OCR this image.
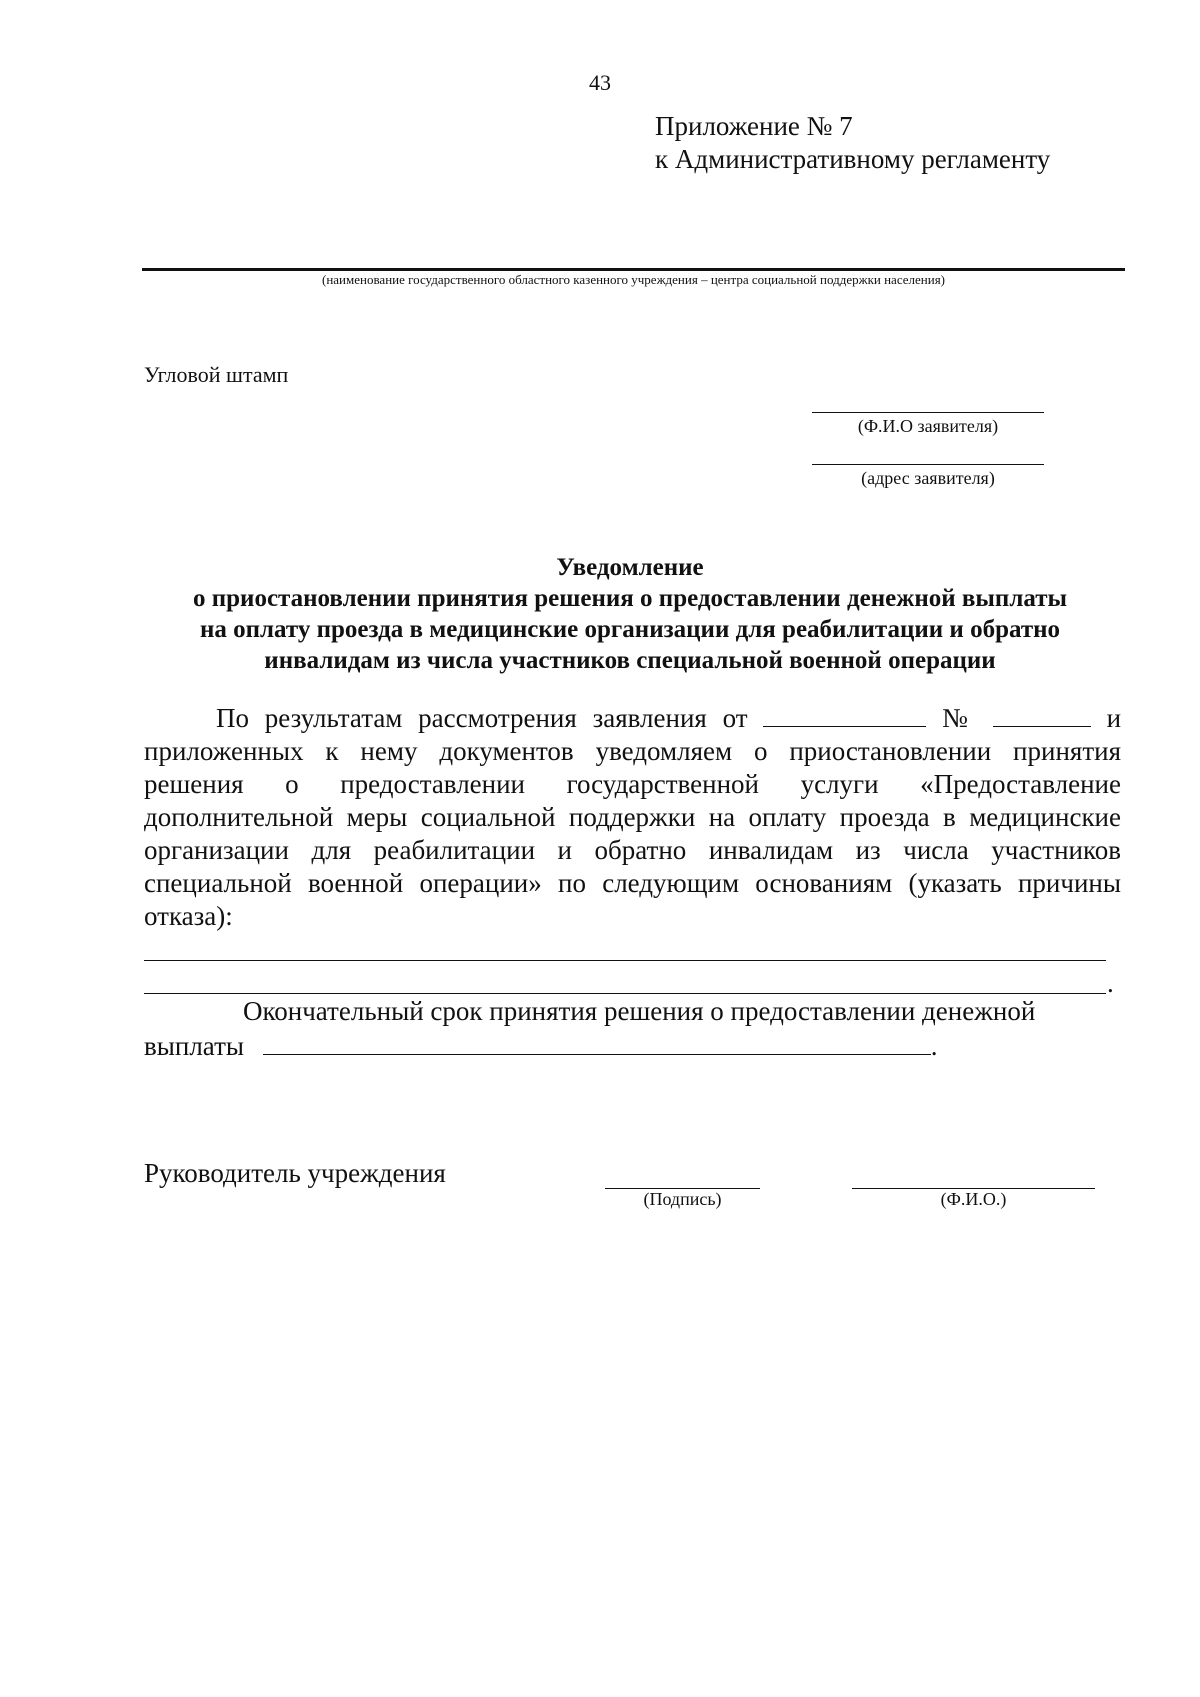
43
Приложение № 7
к Административному регламенту
(наименование государственного областного казенного учреждения – центра социальной поддержки населения)
Угловой штамп
(Ф.И.О заявителя)
(адрес заявителя)
Уведомление
о приостановлении принятия решения о предоставлении денежной выплаты
на оплату проезда в медицинские организации для реабилитации и обратно
инвалидам из числа участников специальной военной операции
По результатам рассмотрения заявления от	№	и приложенных к нему документов уведомляем о приостановлении принятия решения о предоставлении государственной услуги «Предоставление дополнительной меры социальной поддержки на оплату проезда в медицинские организации для реабилитации и обратно инвалидам из числа участников специальной военной операции» по следующим основаниям (указать причины отказа):
.
Окончательный срок принятия решения о предоставлении денежной выплаты	.
Руководитель учреждения
(Подпись)	(Ф.И.О.)
